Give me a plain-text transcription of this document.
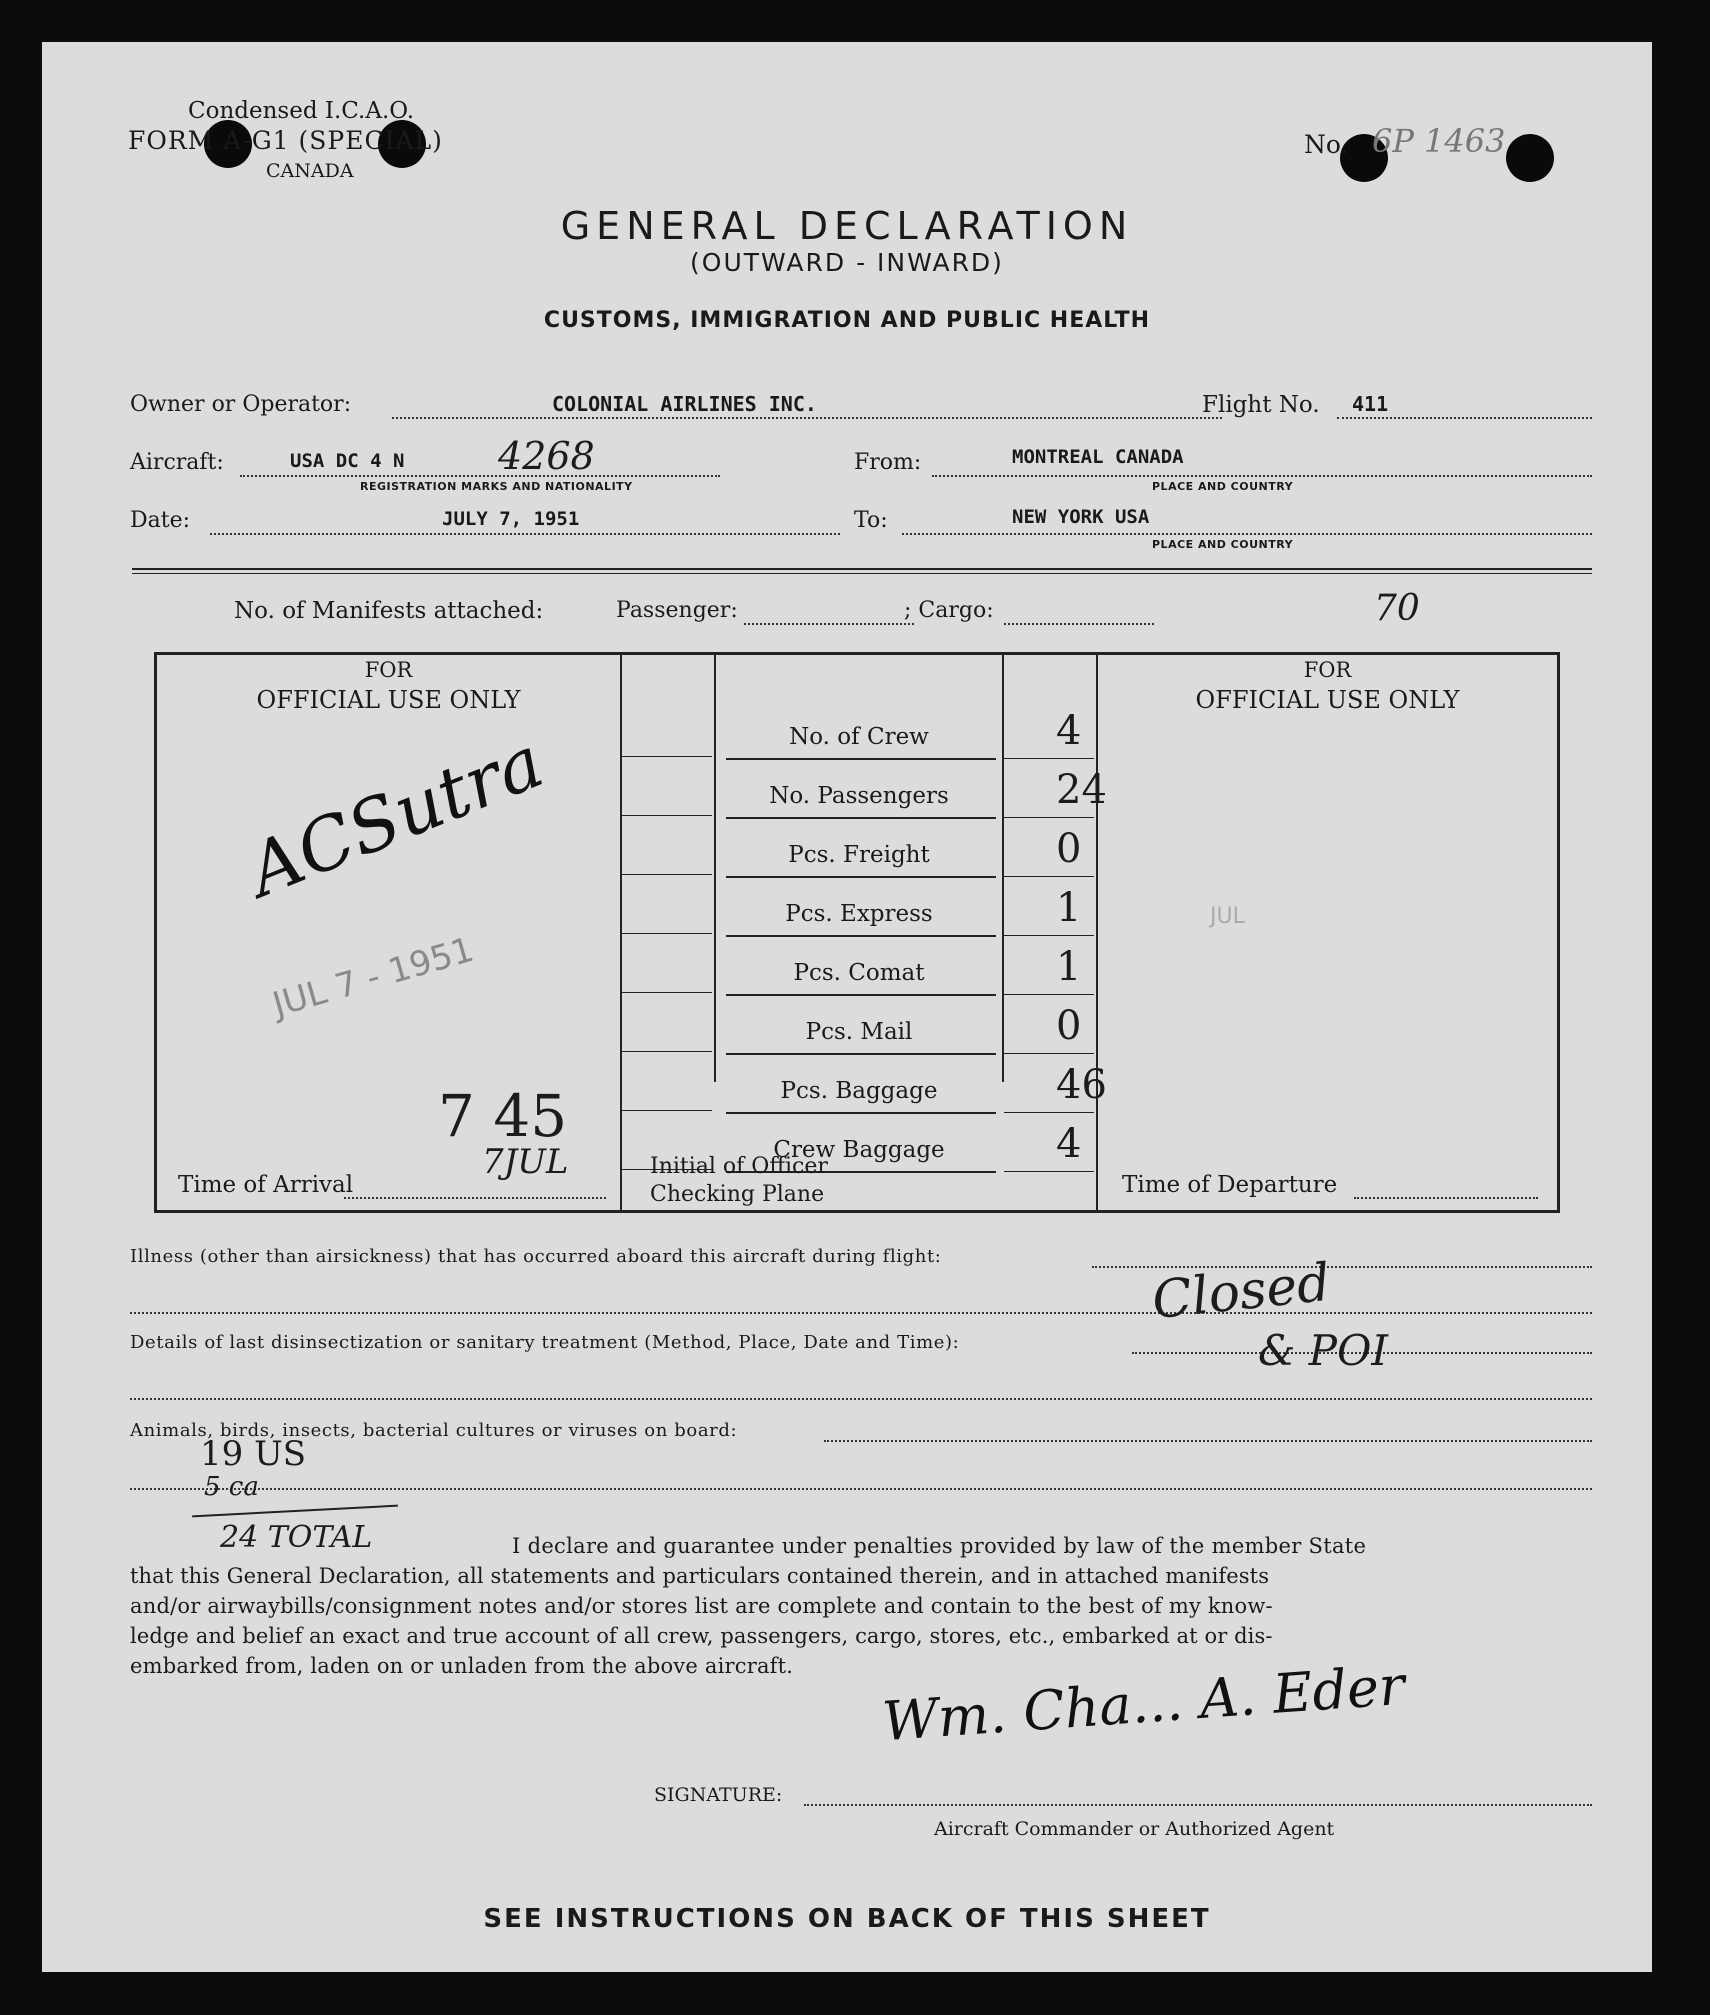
Condensed I.C.A.O.
FORM A-G1 (SPECIAL)
CANADA
No. 6P 1463
GENERAL DECLARATION
(OUTWARD - INWARD)
CUSTOMS, IMMIGRATION AND PUBLIC HEALTH
Owner or Operator:	COLONIAL AIRLINES INC.	Flight No. 411
Aircraft:	USA DC 4 N 4268
REGISTRATION MARKS AND NATIONALITY
From:	MONTREAL CANADA
PLACE AND COUNTRY
Date:	JULY 7, 1951	To:	NEW YORK USA
PLACE AND COUNTRY
No. of Manifests attached:	Passenger:	; Cargo:	70
FOR
OFFICIAL USE ONLY
ACSutra
JUL 7 - 1951
Time of Arrival
7 45
7JUL
No. of Crew	4
No. Passengers	24
Pcs. Freight	0
Pcs. Express	1
Pcs. Comat	1
Pcs. Mail	0
Pcs. Baggage	46
Crew Baggage	4
Initial of Officer
Checking Plane
FOR
OFFICIAL USE ONLY
JUL
Time of Departure
Illness (other than airsickness) that has occurred aboard this aircraft during flight:
Details of last disinsectization or sanitary treatment (Method, Place, Date and Time):
Closed
& POI
Animals, birds, insects, bacterial cultures or viruses on board:
19 US
5 ca
24 TOTAL	I declare and guarantee under penalties provided by law of the member State
that this General Declaration, all statements and particulars contained therein, and in attached manifests
and/or airwaybills/consignment notes and/or stores list are complete and contain to the best of my know-
ledge and belief an exact and true account of all crew, passengers, cargo, stores, etc., embarked at or dis-
embarked from, laden on or unladen from the above aircraft. Wm. Cha... A. Eder
SIGNATURE:
Aircraft Commander or Authorized Agent
SEE INSTRUCTIONS ON BACK OF THIS SHEET
